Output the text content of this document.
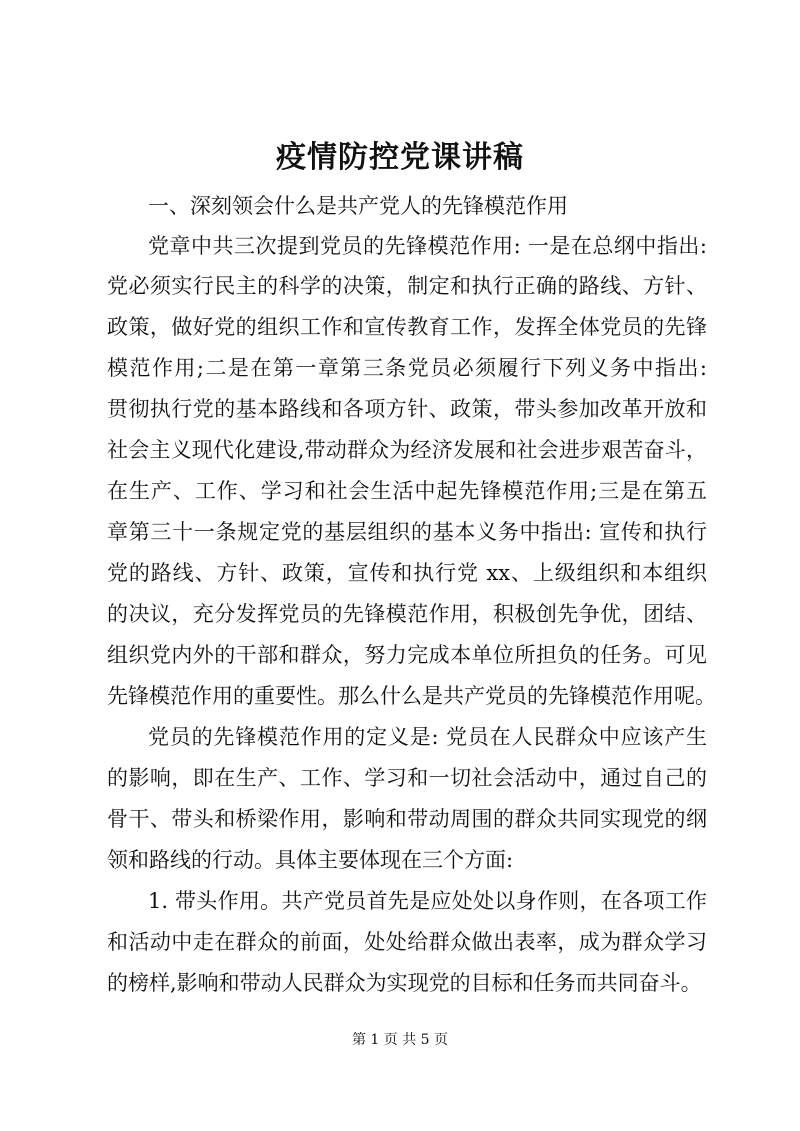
疫情防控党课讲稿
一、深刻领会什么是共产党人的先锋模范作用
党章中共三次提到党员的先锋模范作用: 一是在总纲中指出:
党必须实行民主的科学的决策，制定和执行正确的路线、方针、
政策，做好党的组织工作和宣传教育工作，发挥全体党员的先锋
模范作用;二是在第一章第三条党员必须履行下列义务中指出:
贯彻执行党的基本路线和各项方针、政策，带头参加改革开放和
社会主义现代化建设,带动群众为经济发展和社会进步艰苦奋斗，
在生产、工作、学习和社会生活中起先锋模范作用;三是在第五
章第三十一条规定党的基层组织的基本义务中指出: 宣传和执行
党的路线、方针、政策，宣传和执行党 xx、上级组织和本组织
的决议，充分发挥党员的先锋模范作用，积极创先争优，团结、
组织党内外的干部和群众，努力完成本单位所担负的任务。可见
先锋模范作用的重要性。那么什么是共产党员的先锋模范作用呢。
党员的先锋模范作用的定义是: 党员在人民群众中应该产生
的影响，即在生产、工作、学习和一切社会活动中，通过自己的
骨干、带头和桥梁作用，影响和带动周围的群众共同实现党的纲
领和路线的行动。具体主要体现在三个方面:
1. 带头作用。共产党员首先是应处处以身作则，在各项工作
和活动中走在群众的前面，处处给群众做出表率，成为群众学习
的榜样,影响和带动人民群众为实现党的目标和任务而共同奋斗。
第 1 页 共 5 页
